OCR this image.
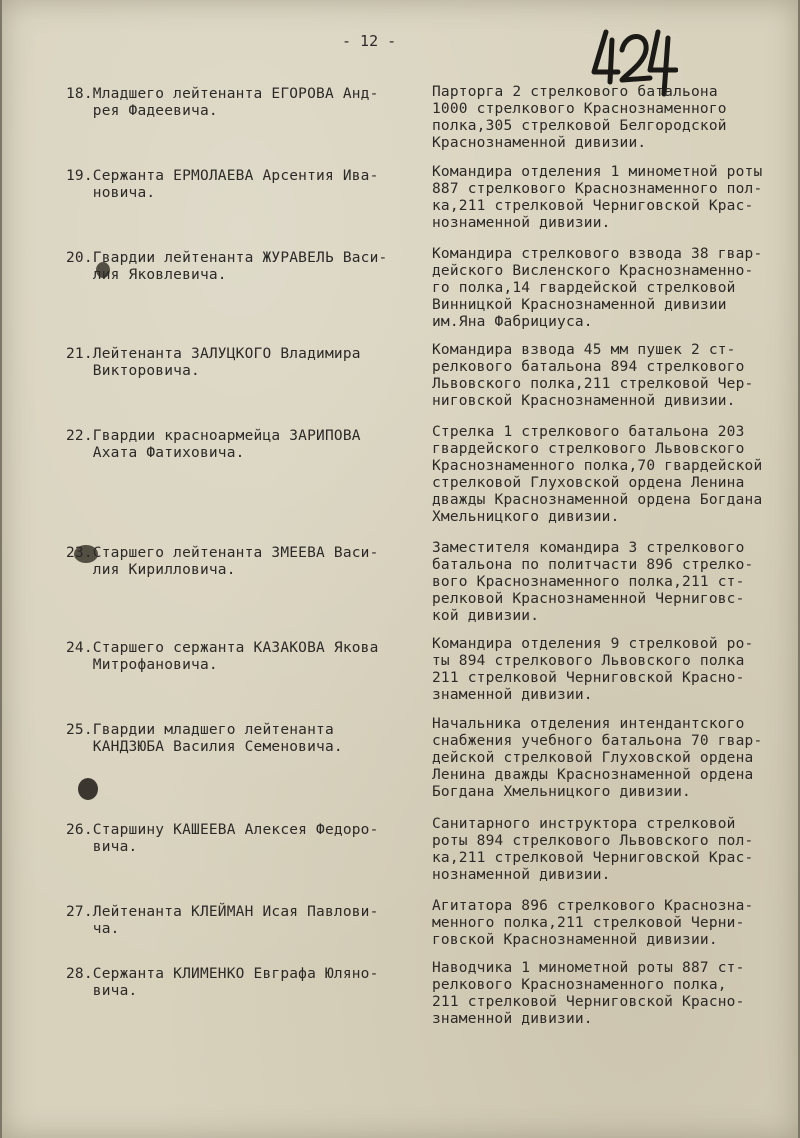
- 12 -
18.Младшего лейтенанта ЕГОРОВА Анд-
рея Фадеевича.
Парторга 2 стрелкового батальона
1000 стрелкового Краснознаменного
полка,305 стрелковой Белгородской
Краснознаменной дивизии.
19.Сержанта ЕРМОЛАЕВА Арсентия Ива-
новича.
Командира отделения 1 минометной роты
887 стрелкового Краснознаменного пол-
ка,211 стрелковой Черниговской Крас-
нознаменной дивизии.
20.Гвардии лейтенанта ЖУРАВЕЛЬ Васи-
лия Яковлевича.
Командира стрелкового взвода 38 гвар-
дейского Висленского Краснознаменно-
го полка,14 гвардейской стрелковой
Винницкой Краснознаменной дивизии
им.Яна Фабрициуса.
21.Лейтенанта ЗАЛУЦКОГО Владимира
Викторовича.
Командира взвода 45 мм пушек 2 ст-
релкового батальона 894 стрелкового
Львовского полка,211 стрелковой Чер-
ниговской Краснознаменной дивизии.
22.Гвардии красноармейца ЗАРИПОВА
Ахата Фатиховича.
Стрелка 1 стрелкового батальона 203
гвардейского стрелкового Львовского
Краснознаменного полка,70 гвардейской
стрелковой Глуховской ордена Ленина
дважды Краснознаменной ордена Богдана
Хмельницкого дивизии.
23.Старшего лейтенанта ЗМЕЕВА Васи-
лия Кирилловича.
Заместителя командира 3 стрелкового
батальона по политчасти 896 стрелко-
вого Краснознаменного полка,211 ст-
релковой Краснознаменной Черниговс-
кой дивизии.
24.Старшего сержанта КАЗАКОВА Якова
Митрофановича.
Командира отделения 9 стрелковой ро-
ты 894 стрелкового Львовского полка
211 стрелковой Черниговской Красно-
знаменной дивизии.
25.Гвардии младшего лейтенанта
КАНДЗЮБА Василия Семеновича.
Начальника отделения интендантского
снабжения учебного батальона 70 гвар-
дейской стрелковой Глуховской ордена
Ленина дважды Краснознаменной ордена
Богдана Хмельницкого дивизии.
26.Старшину КАШЕЕВА Алексея Федоро-
вича.
Санитарного инструктора стрелковой
роты 894 стрелкового Львовского пол-
ка,211 стрелковой Черниговской Крас-
нознаменной дивизии.
27.Лейтенанта КЛЕЙМАН Исая Павлови-
ча.
Агитатора 896 стрелкового Краснозна-
менного полка,211 стрелковой Черни-
говской Краснознаменной дивизии.
28.Сержанта КЛИМЕНКО Евграфа Юляно-
вича.
Наводчика 1 минометной роты 887 ст-
релкового Краснознаменного полка,
211 стрелковой Черниговской Красно-
знаменной дивизии.
